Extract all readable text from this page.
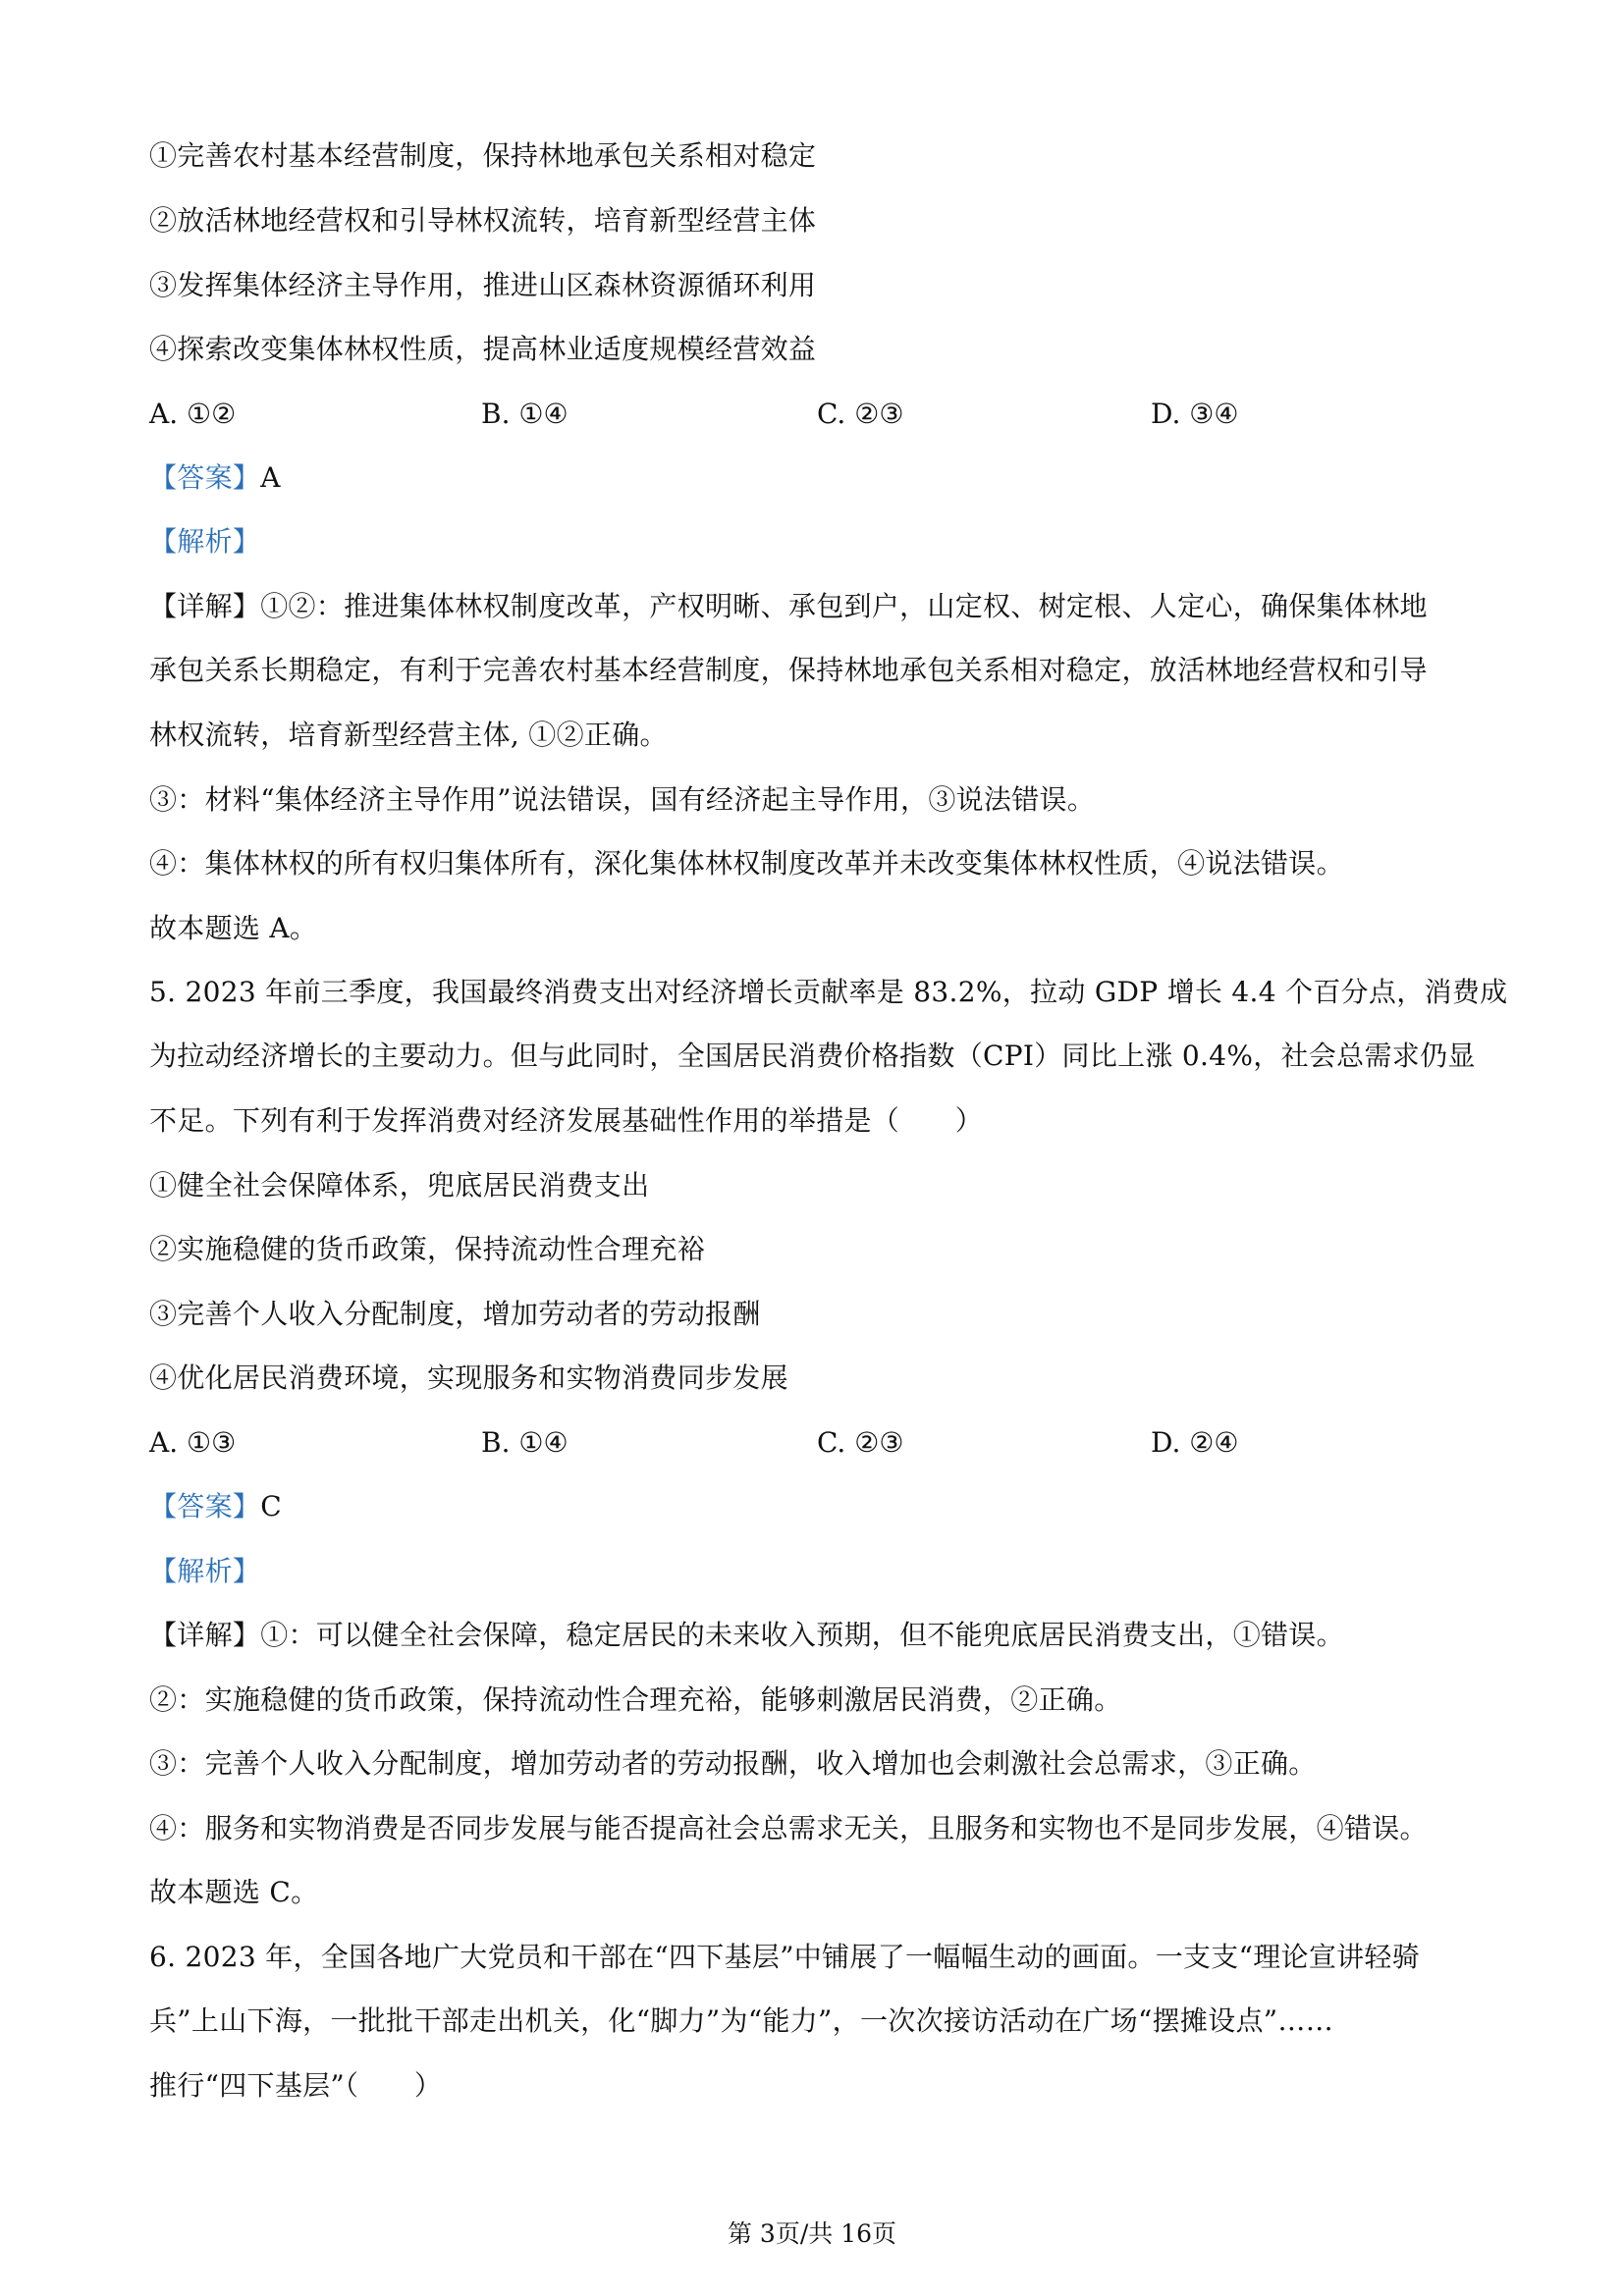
①完善农村基本经营制度，保持林地承包关系相对稳定
②放活林地经营权和引导林权流转，培育新型经营主体
③发挥集体经济主导作用，推进山区森林资源循环利用
④探索改变集体林权性质，提高林业适度规模经营效益
A. ①②	B. ①④	C. ②③	D. ③④
【答案】A
【解析】
【详解】①②：推进集体林权制度改革，产权明晰、承包到户，山定权、树定根、人定心，确保集体林地
承包关系长期稳定，有利于完善农村基本经营制度，保持林地承包关系相对稳定，放活林地经营权和引导
林权流转，培育新型经营主体, ①②正确。
③：材料“集体经济主导作用”说法错误，国有经济起主导作用，③说法错误。
④：集体林权的所有权归集体所有，深化集体林权制度改革并未改变集体林权性质，④说法错误。
故本题选 A。
5. 2023 年前三季度，我国最终消费支出对经济增长贡献率是 83.2%，拉动 GDP 增长 4.4 个百分点，消费成
为拉动经济增长的主要动力。但与此同时，全国居民消费价格指数（CPI）同比上涨 0.4%，社会总需求仍显
不足。下列有利于发挥消费对经济发展基础性作用的举措是（　　）
①健全社会保障体系，兜底居民消费支出
②实施稳健的货币政策，保持流动性合理充裕
③完善个人收入分配制度，增加劳动者的劳动报酬
④优化居民消费环境，实现服务和实物消费同步发展
A. ①③	B. ①④	C. ②③	D. ②④
【答案】C
【解析】
【详解】①：可以健全社会保障，稳定居民的未来收入预期，但不能兜底居民消费支出，①错误。
②：实施稳健的货币政策，保持流动性合理充裕，能够刺激居民消费，②正确。
③：完善个人收入分配制度，增加劳动者的劳动报酬，收入增加也会刺激社会总需求，③正确。
④：服务和实物消费是否同步发展与能否提高社会总需求无关，且服务和实物也不是同步发展，④错误。
故本题选 C。
6. 2023 年，全国各地广大党员和干部在“四下基层”中铺展了一幅幅生动的画面。一支支“理论宣讲轻骑
兵”上山下海，一批批干部走出机关，化“脚力”为“能力”，一次次接访活动在广场“摆摊设点”……
推行“四下基层”（　　）
第 3页/共 16页
